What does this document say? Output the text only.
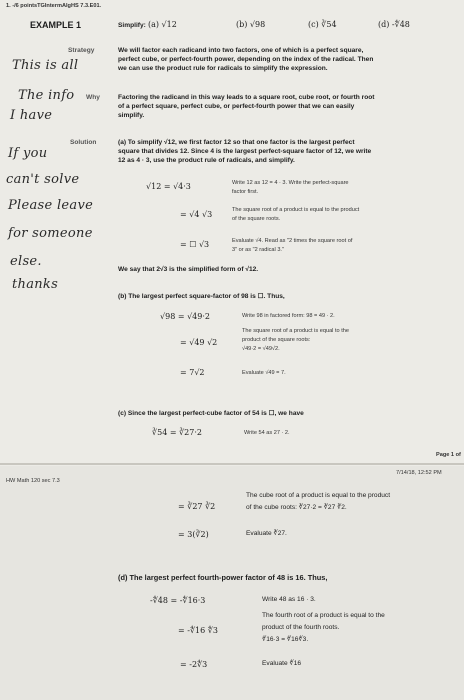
1. -/6 pointsTGIntermAlgHS 7.3.E01.
EXAMPLE 1	Simplify: (a) √12	(b) √98	(c) ∛54	(d) -∜48
Strategy	We will factor each radicand into two factors, one of which is a perfect square,
perfect cube, or perfect-fourth power, depending on the index of the radical. Then
we can use the product rule for radicals to simplify the expression.
Why	Factoring the radicand in this way leads to a square root, cube root, or fourth root
of a perfect square, perfect cube, or perfect-fourth power that we can easily
simplify.
Solution	(a) To simplify √12, we first factor 12 so that one factor is the largest perfect
square that divides 12. Since 4 is the largest perfect-square factor of 12, we write
12 as 4 · 3, use the product rule of radicals, and simplify.
√12 = √4·3	Write 12 as 12 = 4 · 3. Write the perfect-square
factor first.
= √4 √3	The square root of a product is equal to the product
of the square roots.
= ☐ √3	Evaluate √4. Read as "2 times the square root of
3" or as "2 radical 3."
We say that 2√3 is the simplified form of √12.
(b) The largest perfect square-factor of 98 is ☐. Thus,
√98 = √49·2	Write 98 in factored form: 98 = 49 · 2.
= √49 √2
The square root of a product is equal to the
product of the square roots:
√49·2 = √49√2.
= 7√2	Evaluate √49 = 7.
(c) Since the largest perfect-cube factor of 54 is ☐, we have
∛54 = ∛27·2	Write 54 as 27 · 2.
Page 1 of
7/14/18, 12:52 PM
HW Math 120 sec 7.3
= ∛27 ∛2
The cube root of a product is equal to the product
of the cube roots: ∛27·2 = ∛27 ∛2.
= 3(∛2)	Evaluate ∛27.
(d) The largest perfect fourth-power factor of 48 is 16. Thus,
-∜48 = -∜16·3	Write 48 as 16 · 3.
= -∜16 ∜3
The fourth root of a product is equal to the
product of the fourth roots.
∜16·3 = ∜16∜3.
= -2∜3	Evaluate ∜16
This is all
The info
I have
If you
can't solve
Please leave
for someone
else.
thanks
